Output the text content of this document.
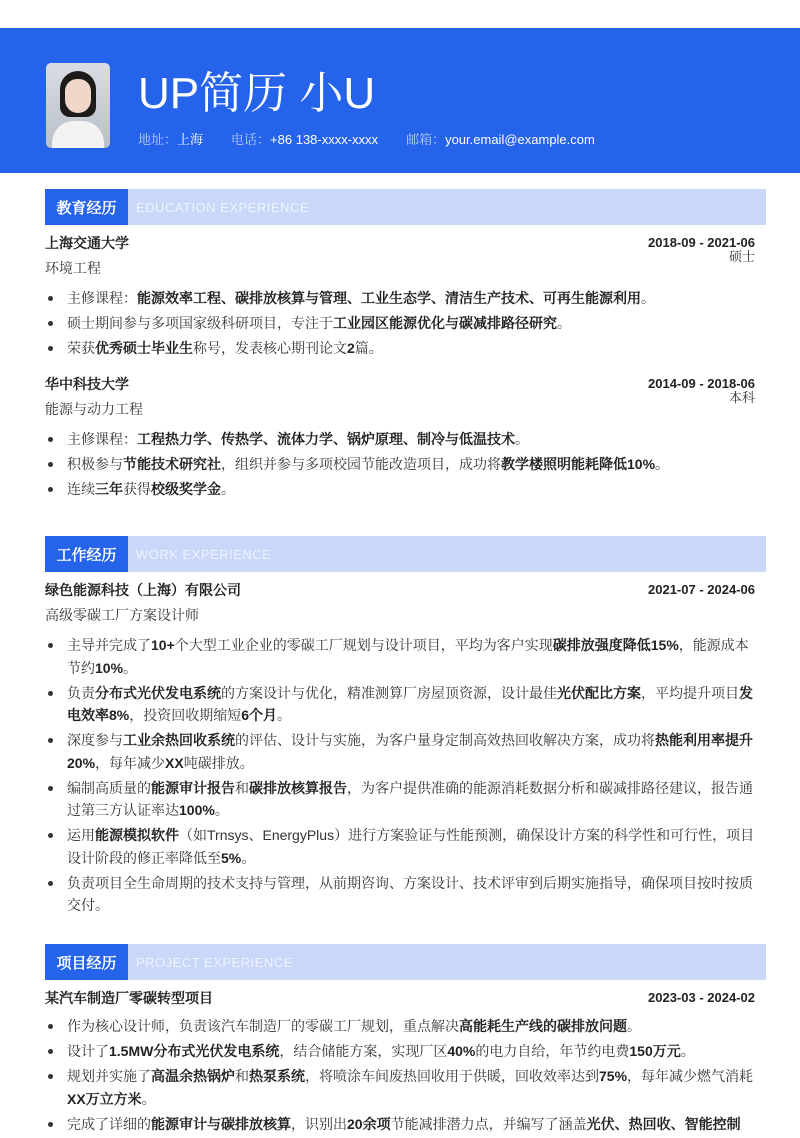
UP简历 小U
地址：上海 电话：+86 138-xxxx-xxxx 邮箱：your.email@example.com
教育经历	EDUCATION EXPERIENCE
上海交通大学	2018-09 - 2021-06
环境工程
硕士
主修课程：能源效率工程、碳排放核算与管理、工业生态学、清洁生产技术、可再生能源利用。
硕士期间参与多项国家级科研项目，专注于工业园区能源优化与碳减排路径研究。
荣获优秀硕士毕业生称号，发表核心期刊论文2篇。
华中科技大学	2014-09 - 2018-06
能源与动力工程
本科
主修课程：工程热力学、传热学、流体力学、锅炉原理、制冷与低温技术。
积极参与节能技术研究社，组织并参与多项校园节能改造项目，成功将教学楼照明能耗降低10%。
连续三年获得校级奖学金。
工作经历	WORK EXPERIENCE
绿色能源科技（上海）有限公司	2021-07 - 2024-06
高级零碳工厂方案设计师
主导并完成了10+个大型工业企业的零碳工厂规划与设计项目，平均为客户实现碳排放强度降低15%，能源成本节约10%。
负责分布式光伏发电系统的方案设计与优化，精准测算厂房屋顶资源，设计最佳光伏配比方案，平均提升项目发电效率8%，投资回收期缩短6个月。
深度参与工业余热回收系统的评估、设计与实施，为客户量身定制高效热回收解决方案，成功将热能利用率提升20%，每年减少XX吨碳排放。
编制高质量的能源审计报告和碳排放核算报告，为客户提供准确的能源消耗数据分析和碳减排路径建议，报告通过第三方认证率达100%。
运用能源模拟软件（如Trnsys、EnergyPlus）进行方案验证与性能预测，确保设计方案的科学性和可行性，项目设计阶段的修正率降低至5%。
负责项目全生命周期的技术支持与管理，从前期咨询、方案设计、技术评审到后期实施指导，确保项目按时按质交付。
项目经历	PROJECT EXPERIENCE
某汽车制造厂零碳转型项目	2023-03 - 2024-02
作为核心设计师，负责该汽车制造厂的零碳工厂规划，重点解决高能耗生产线的碳排放问题。
设计了1.5MW分布式光伏发电系统，结合储能方案，实现厂区40%的电力自给，年节约电费150万元。
规划并实施了高温余热锅炉和热泵系统，将喷涂车间废热回收用于供暖，回收效率达到75%，每年减少燃气消耗XX万立方米。
完成了详细的能源审计与碳排放核算，识别出20余项节能减排潜力点，并编写了涵盖光伏、热回收、智能控制
